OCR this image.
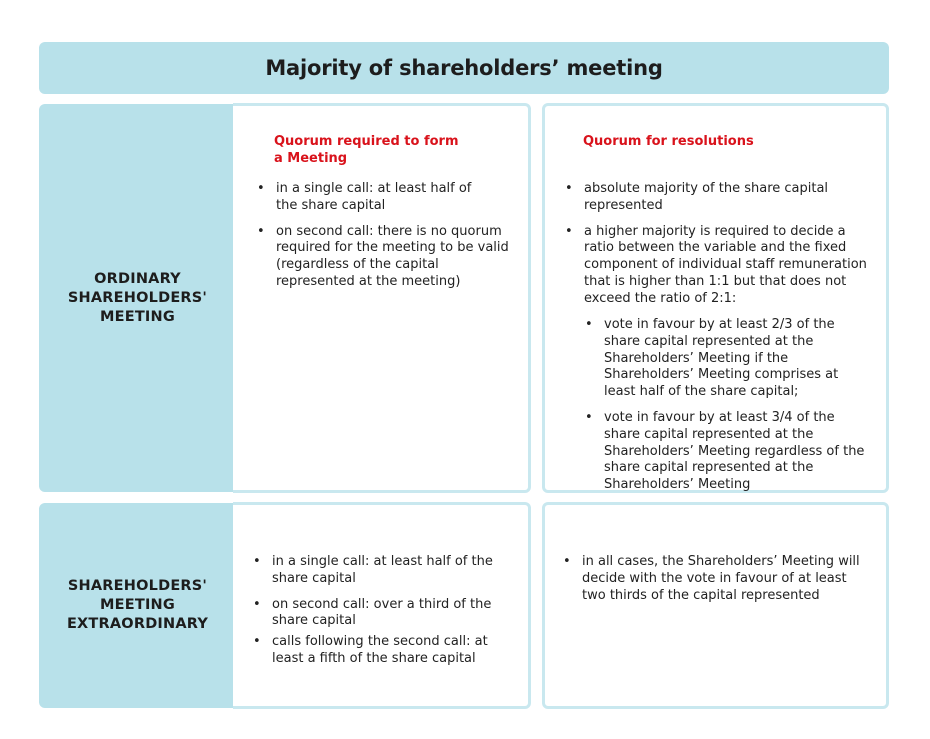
Majority of shareholders’ meeting
ORDINARY
SHAREHOLDERS'
MEETING
Quorum required to form
a Meeting
• in a single call: at least half of the share capital
• on second call: there is no quorum required for the meeting to be valid (regardless of the capital represented at the meeting)
Quorum for resolutions
• absolute majority of the share capital represented
• a higher majority is required to decide a ratio between the variable and the fixed component of individual staff remuneration that is higher than 1:1 but that does not exceed the ratio of 2:1:
• vote in favour by at least 2/3 of the share capital represented at the Shareholders’ Meeting if the Shareholders’ Meeting comprises at least half of the share capital;
• vote in favour by at least 3/4 of the share capital represented at the Shareholders’ Meeting regardless of the share capital represented at the Shareholders’ Meeting
SHAREHOLDERS'
MEETING
EXTRAORDINARY
• in a single call: at least half of the share capital
• on second call: over a third of the share capital
• calls following the second call: at least a fifth of the share capital
• in all cases, the Shareholders’ Meeting will decide with the vote in favour of at least two thirds of the capital represented
